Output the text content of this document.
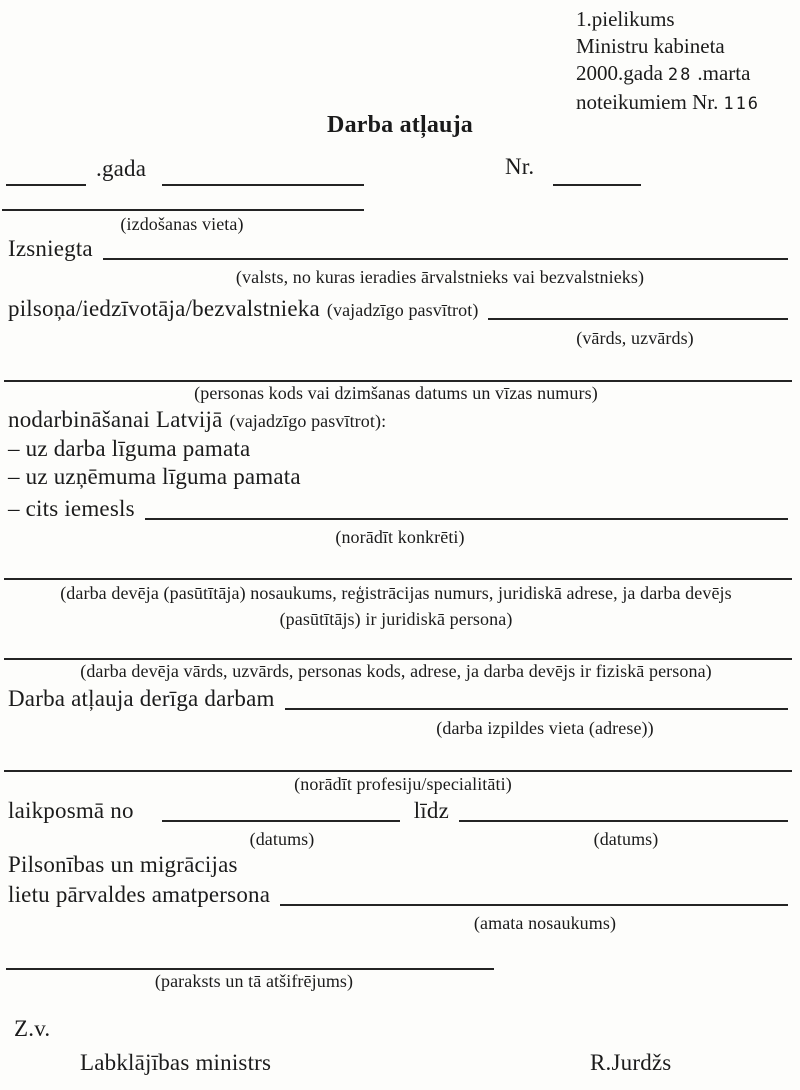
1.pielikums
Ministru kabineta
2000.gada 28 .marta
noteikumiem Nr. 116
Darba atļauja
.gada	Nr.
(izdošanas vieta)
Izsniegta
(valsts, no kuras ieradies ārvalstnieks vai bezvalstnieks)
pilsoņa/iedzīvotāja/bezvalstnieka (vajadzīgo pasvītrot)
(vārds, uzvārds)
(personas kods vai dzimšanas datums un vīzas numurs)
nodarbināšanai Latvijā (vajadzīgo pasvītrot):
– uz darba līguma pamata
– uz uzņēmuma līguma pamata
– cits iemesls
(norādīt konkrēti)
(darba devēja (pasūtītāja) nosaukums, reģistrācijas numurs, juridiskā adrese, ja darba devējs
(pasūtītājs) ir juridiskā persona)
(darba devēja vārds, uzvārds, personas kods, adrese, ja darba devējs ir fiziskā persona)
Darba atļauja derīga darbam
(darba izpildes vieta (adrese))
(norādīt profesiju/specialitāti)
laikposmā no	līdz
(datums)	(datums)
Pilsonības un migrācijas
lietu pārvaldes amatpersona
(amata nosaukums)
(paraksts un tā atšifrējums)
Z.v.
Labklājības ministrs	R.Jurdžs
